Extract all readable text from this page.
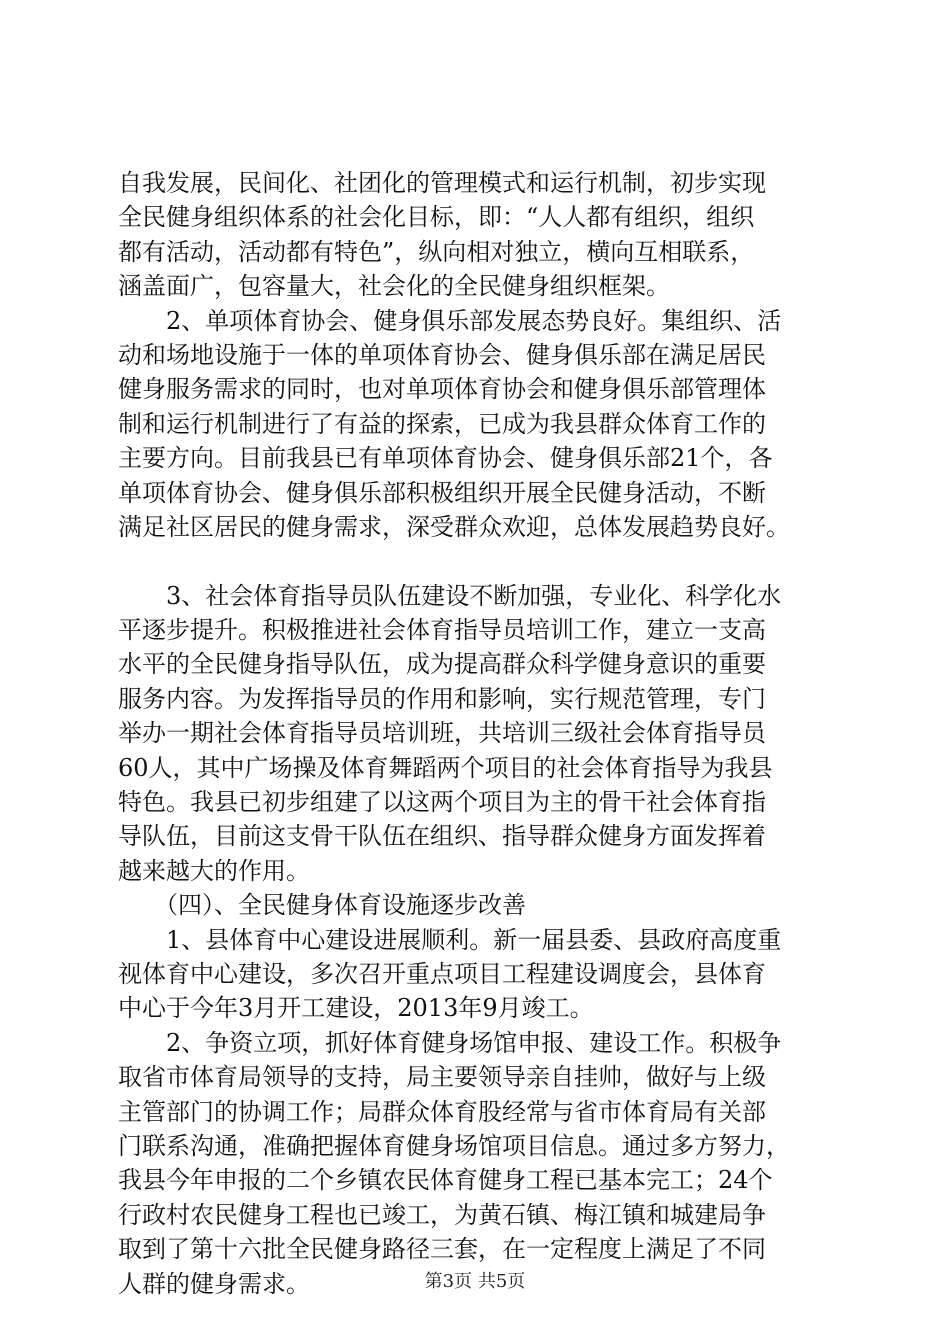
自我发展，民间化、社团化的管理模式和运行机制，初步实现
全民健身组织体系的社会化目标，即：“人人都有组织，组织
都有活动，活动都有特色”，纵向相对独立，横向互相联系，
涵盖面广，包容量大，社会化的全民健身组织框架。
　　2、单项体育协会、健身俱乐部发展态势良好。集组织、活
动和场地设施于一体的单项体育协会、健身俱乐部在满足居民
健身服务需求的同时，也对单项体育协会和健身俱乐部管理体
制和运行机制进行了有益的探索，已成为我县群众体育工作的
主要方向。目前我县已有单项体育协会、健身俱乐部21个，各
单项体育协会、健身俱乐部积极组织开展全民健身活动，不断
满足社区居民的健身需求，深受群众欢迎，总体发展趋势良好。
　　3、社会体育指导员队伍建设不断加强，专业化、科学化水
平逐步提升。积极推进社会体育指导员培训工作，建立一支高
水平的全民健身指导队伍，成为提高群众科学健身意识的重要
服务内容。为发挥指导员的作用和影响，实行规范管理，专门
举办一期社会体育指导员培训班，共培训三级社会体育指导员
60人，其中广场操及体育舞蹈两个项目的社会体育指导为我县
特色。我县已初步组建了以这两个项目为主的骨干社会体育指
导队伍，目前这支骨干队伍在组织、指导群众健身方面发挥着
越来越大的作用。
　　（四）、全民健身体育设施逐步改善
　　1、县体育中心建设进展顺利。新一届县委、县政府高度重
视体育中心建设，多次召开重点项目工程建设调度会，县体育
中心于今年3月开工建设，2013年9月竣工。
　　2、争资立项，抓好体育健身场馆申报、建设工作。积极争
取省市体育局领导的支持，局主要领导亲自挂帅，做好与上级
主管部门的协调工作；局群众体育股经常与省市体育局有关部
门联系沟通，准确把握体育健身场馆项目信息。通过多方努力，
我县今年申报的二个乡镇农民体育健身工程已基本完工；24个
行政村农民健身工程也已竣工，为黄石镇、梅江镇和城建局争
取到了第十六批全民健身路径三套，在一定程度上满足了不同
人群的健身需求。	第3页 共5页
